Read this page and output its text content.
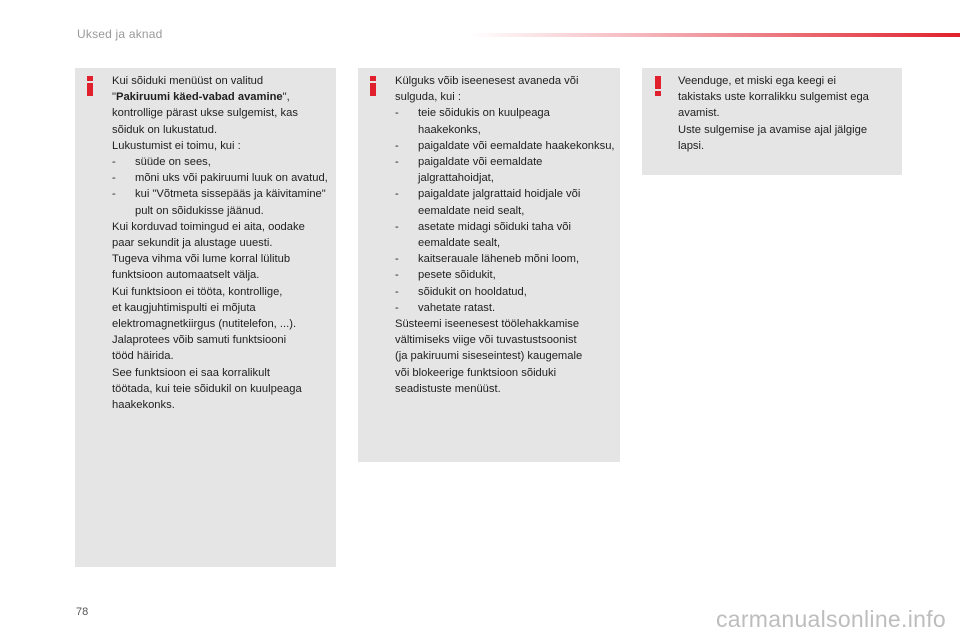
Uksed ja aknad
Kui sõiduki menüüst on valitud
"Pakiruumi käed-vabad avamine",
kontrollige pärast ukse sulgemist, kas
sõiduk on lukustatud.
Lukustumist ei toimu, kui :
- süüde on sees,
- mõni uks või pakiruumi luuk on avatud,
- kui "Võtmeta sissepääs ja käivitamine" pult on sõidukisse jäänud.
Kui korduvad toimingud ei aita, oodake
paar sekundit ja alustage uuesti.
Tugeva vihma või lume korral lülitub
funktsioon automaatselt välja.
Kui funktsioon ei tööta, kontrollige,
et kaugjuhtimispulti ei mõjuta
elektromagnetkiirgus (nutitelefon, ...).
Jalaprotees võib samuti funktsiooni
tööd häirida.
See funktsioon ei saa korralikult
töötada, kui teie sõidukil on kuulpeaga
haakekonks.
Külguks võib iseenesest avaneda või
sulguda, kui :
- teie sõidukis on kuulpeaga haakekonks,
- paigaldate või eemaldate haakekonksu,
- paigaldate või eemaldate jalgrattahoidjat,
- paigaldate jalgrattaid hoidjale või eemaldate neid sealt,
- asetate midagi sõiduki taha või eemaldate sealt,
- kaitserauale läheneb mõni loom,
- pesete sõidukit,
- sõidukit on hooldatud,
- vahetate ratast.
Süsteemi iseenesest töölehakkamise
vältimiseks viige või tuvastustsoonist
(ja pakiruumi siseseintest) kaugemale
või blokeerige funktsioon sõiduki
seadistuste menüüst.
Veenduge, et miski ega keegi ei
takistaks uste korralikku sulgemist ega
avamist.
Uste sulgemise ja avamise ajal jälgige
lapsi.
78	carmanualsonline.info
